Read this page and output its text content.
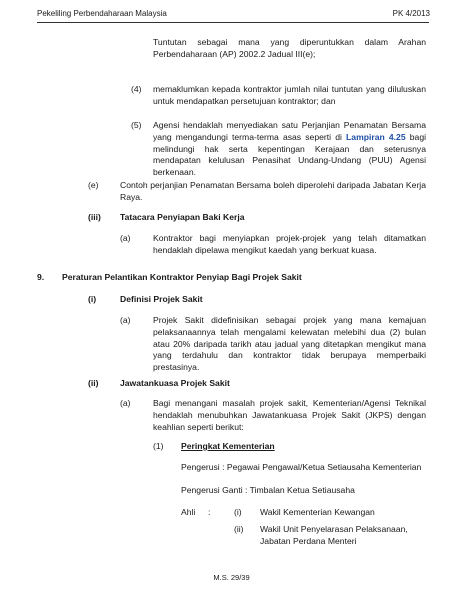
Pekeliling Perbendaharaan Malaysia	PK 4/2013
Tuntutan sebagai mana yang diperuntukkan dalam Arahan Perbendaharaan (AP) 2002.2 Jadual III(e);
(4) memaklumkan kepada kontraktor jumlah nilai tuntutan yang diluluskan untuk mendapatkan persetujuan kontraktor; dan
(5) Agensi hendaklah menyediakan satu Perjanjian Penamatan Bersama yang mengandungi terma-terma asas seperti di Lampiran 4.25 bagi melindungi hak serta kepentingan Kerajaan dan seterusnya mendapatan kelulusan Penasihat Undang-Undang (PUU) Agensi berkenaan.
(e) Contoh perjanjian Penamatan Bersama boleh diperolehi daripada Jabatan Kerja Raya.
(iii) Tatacara Penyiapan Baki Kerja
(a)	Kontraktor bagi menyiapkan projek-projek yang telah ditamatkan hendaklah dipelawa mengikut kaedah yang berkuat kuasa.
9. Peraturan Pelantikan Kontraktor Penyiap Bagi Projek Sakit
(i)	Definisi Projek Sakit
(a)	Projek Sakit didefinisikan sebagai projek yang mana kemajuan pelaksanaannya telah mengalami kelewatan melebihi dua (2) bulan atau 20% daripada tarikh atau jadual yang ditetapkan mengikut mana yang terdahulu dan kontraktor tidak berupaya memperbaiki prestasinya.
(ii)	Jawatankuasa Projek Sakit
(a)	Bagi menangani masalah projek sakit, Kementerian/Agensi Teknikal hendaklah menubuhkan Jawatankuasa Projek Sakit (JKPS) dengan keahlian seperti berikut:
(1) Peringkat Kementerian
Pengerusi : Pegawai Pengawal/Ketua Setiausaha Kementerian
Pengerusi Ganti : Timbalan Ketua Setiausaha
Ahli :	(i) Wakil Kementerian Kewangan
(ii) Wakil Unit Penyelarasan Pelaksanaan, Jabatan Perdana Menteri
M.S. 29/39
